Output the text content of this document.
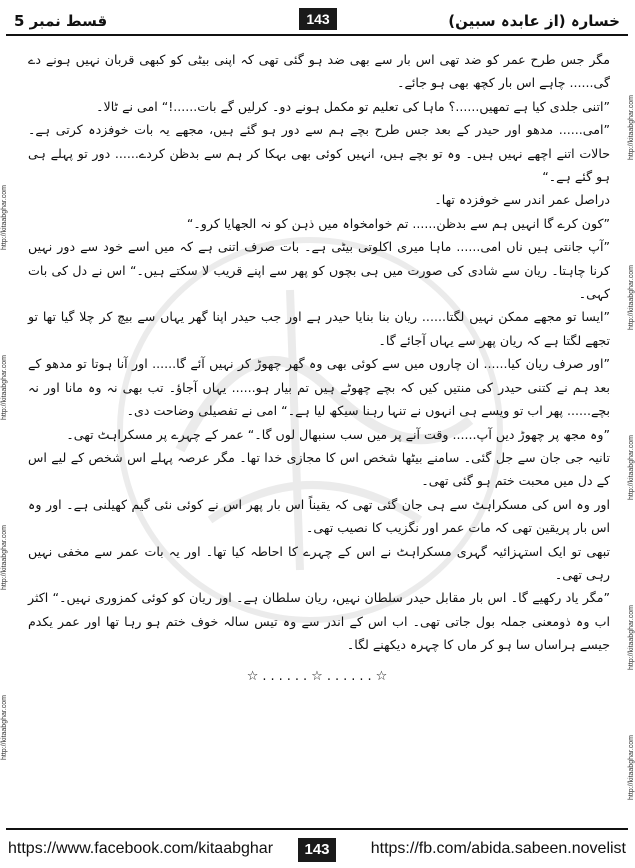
قسط نمبر 5	143	خسارہ (از عابدہ سبین)
http://kitaabghar.com
http://kitaabghar.com
http://kitaabghar.com
http://kitaabghar.com
http://kitaabghar.com
http://kitaabghar.com
http://kitaabghar.com
http://kitaabghar.com
http://kitaabghar.com

مگر جس طرح عمر کو ضد تھی اس بار سے بھی ضد ہو گئی تھی کہ اپنی بیٹی کو کبھی قربان نہیں ہونے دے گی...... چاہے اس بار کچھ بھی ہو جائے۔

”اتنی جلدی کیا ہے تمھیں......؟ ماہا کی تعلیم تو مکمل ہونے دو۔ کرلیں گے بات......!“ امی نے ٹالا۔

”امی...... مدھو اور حیدر کے بعد جس طرح بچے ہم سے دور ہو گئے ہیں، مجھے یہ بات خوفزدہ کرتی ہے۔ حالات اتنے اچھے نہیں ہیں۔ وہ تو بچے ہیں، انہیں کوئی بھی بہکا کر ہم سے بدظن کردے...... دور تو پہلے ہی ہو گئے ہے۔“

دراصل عمر اندر سے خوفزدہ تھا۔

”کون کرے گا انہیں ہم سے بدظن...... تم خوامخواہ میں ذہن کو نہ الجھایا کرو۔“

”آپ جانتی ہیں ناں امی...... ماہا میری اکلوتی بیٹی ہے۔ بات صرف اتنی ہے کہ میں اسے خود سے دور نہیں کرنا چاہتا۔ ریان سے شادی کی صورت میں ہی بچوں کو پھر سے اپنے قریب لا سکتے ہیں۔“ اس نے دل کی بات کہی۔

”ایسا تو مجھے ممکن نہیں لگتا...... ریان بنا بنایا حیدر ہے اور جب حیدر اپنا گھر یہاں سے بیچ کر چلا گیا تھا تو تجھے لگتا ہے کہ ریان پھر سے یہاں آجائے گا۔

”اور صرف ریان کیا...... ان چاروں میں سے کوئی بھی وہ گھر چھوڑ کر نہیں آئے گا...... اور آنا ہوتا تو مدھو کے بعد ہم نے کتنی حیدر کی منتیں کیں کہ بچے چھوٹے ہیں تم بیار ہو...... یہاں آجاؤ۔ تب بھی نہ وہ مانا اور نہ بچے...... پھر اب تو ویسے ہی انہوں نے تنہا رہنا سیکھ لیا ہے۔“ امی نے تفصیلی وضاحت دی۔

”وہ مجھ پر چھوڑ دیں آپ...... وقت آنے پر میں سب سنبھال لوں گا۔“ عمر کے چہرے پر مسکراہٹ تھی۔

تانیہ جی جان سے جل گئی۔ سامنے بیٹھا شخص اس کا مجازی خدا تھا۔ مگر عرصہ پہلے اس شخص کے لیے اس کے دل میں محبت ختم ہو گئی تھی۔

اور وہ اس کی مسکراہٹ سے ہی جان گئی تھی کہ یقیناً اس بار پھر اس نے کوئی نئی گیم کھیلنی ہے۔ اور وہ اس بار پریقین تھی کہ مات عمر اور نگزیب کا نصیب تھی۔

تبھی تو ایک استہزائیہ گہری مسکراہٹ نے اس کے چہرے کا احاطہ کیا تھا۔ اور یہ بات عمر سے مخفی نہیں رہی تھی۔

”مگر یاد رکھیے گا۔ اس بار مقابل حیدر سلطان نہیں، ریان سلطان ہے۔ اور ریان کو کوئی کمزوری نہیں۔“ اکثر اب وہ ذومعنی جملہ بول جاتی تھی۔ اب اس کے اندر سے وہ تیس سالہ خوف ختم ہو رہا تھا اور عمر یکدم جیسے ہراساں سا ہو کر ماں کا چہرہ دیکھنے لگا۔

☆......☆......☆
https://www.facebook.com/kitaabghar	143	https://fb.com/abida.sabeen.novelist
